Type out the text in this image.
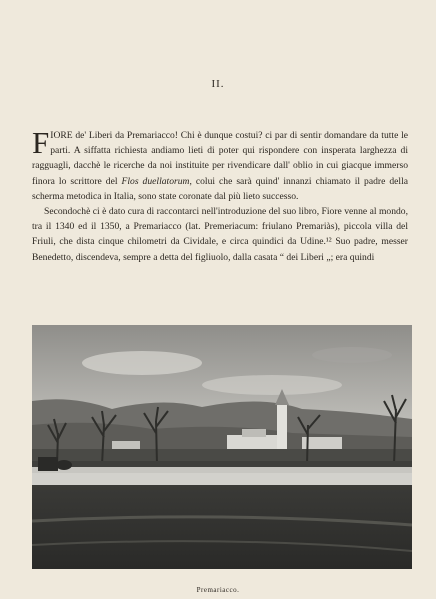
II.

FIORE de' Liberi da Premariacco! Chi è dunque costui? ci par di sentir domandare da tutte le parti. A siffatta richiesta andiamo lieti di poter qui rispondere con insperata larghezza di ragguagli, dacchè le ricerche da noi instituite per rivendicare dall' oblio in cui giacque immerso finora lo scrittore del Flos duellatorum, colui che sarà quind' innanzi chiamato il padre della scherma metodica in Italia, sono state coronate dal più lieto successo.

Secondochè ci è dato cura di raccontarci nell'introduzione del suo libro, Fiore venne al mondo, tra il 1340 ed il 1350, a Premariacco (lat. Premeriacum: friulano Premariàs), piccola villa del Friuli, che dista cinque chilometri da Cividale, e circa quindici da Udine.¹² Suo padre, messer Benedetto, discendeva, sempre a detta del figliuolo, dalla casata “ dei Liberi „; era quindi

Premariacco.
